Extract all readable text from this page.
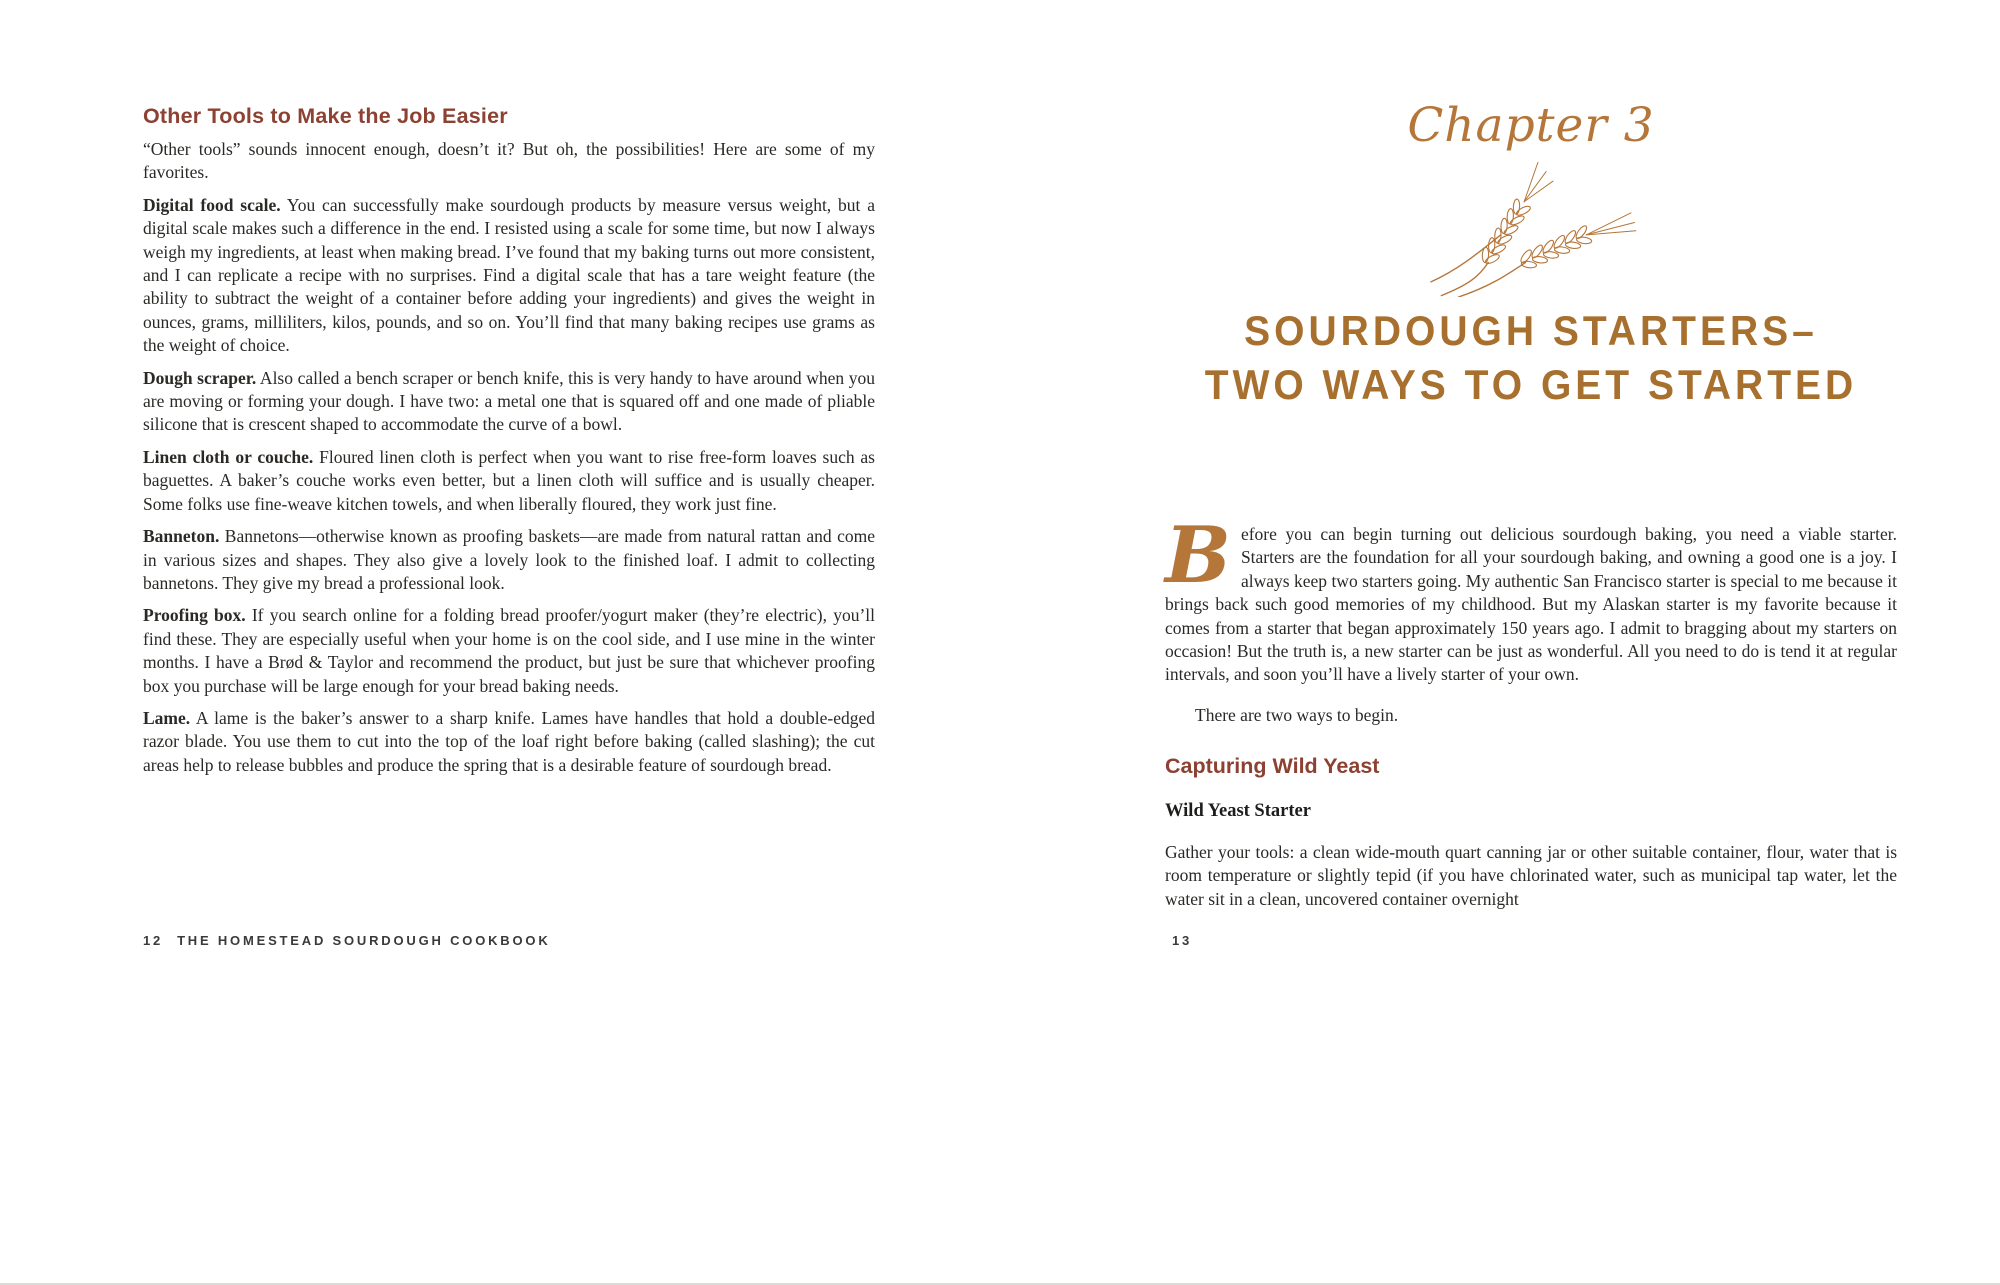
Other Tools to Make the Job Easier

“Other tools” sounds innocent enough, doesn’t it? But oh, the possibilities! Here are some of my favorites.

Digital food scale. You can successfully make sourdough products by measure versus weight, but a digital scale makes such a difference in the end. I resisted using a scale for some time, but now I always weigh my ingredients, at least when making bread. I’ve found that my baking turns out more consistent, and I can replicate a recipe with no surprises. Find a digital scale that has a tare weight feature (the ability to subtract the weight of a container before adding your ingredients) and gives the weight in ounces, grams, milliliters, kilos, pounds, and so on. You’ll find that many baking recipes use grams as the weight of choice.

Dough scraper. Also called a bench scraper or bench knife, this is very handy to have around when you are moving or forming your dough. I have two: a metal one that is squared off and one made of pliable silicone that is crescent shaped to accommodate the curve of a bowl.

Linen cloth or couche. Floured linen cloth is perfect when you want to rise free-form loaves such as baguettes. A baker’s couche works even better, but a linen cloth will suffice and is usually cheaper. Some folks use fine-weave kitchen towels, and when liberally floured, they work just fine.

Banneton. Bannetons—otherwise known as proofing baskets—are made from natural rattan and come in various sizes and shapes. They also give a lovely look to the finished loaf. I admit to collecting bannetons. They give my bread a professional look.

Proofing box. If you search online for a folding bread proofer/yogurt maker (they’re electric), you’ll find these. They are especially useful when your home is on the cool side, and I use mine in the winter months. I have a Brød & Taylor and recommend the product, but just be sure that whichever proofing box you purchase will be large enough for your bread baking needs.

Lame. A lame is the baker’s answer to a sharp knife. Lames have handles that hold a double-edged razor blade. You use them to cut into the top of the loaf right before baking (called slashing); the cut areas help to release bubbles and produce the spring that is a desirable feature of sourdough bread.

12 THE HOMESTEAD SOURDOUGH COOKBOOK
Chapter 3
SOURDOUGH STARTERS–
TWO WAYS TO GET STARTED

Before you can begin turning out delicious sourdough baking, you need a viable starter. Starters are the foundation for all your sourdough baking, and owning a good one is a joy. I always keep two starters going. My authentic San Francisco starter is special to me because it brings back such good memories of my childhood. But my Alaskan starter is my favorite because it comes from a starter that began approximately 150 years ago. I admit to bragging about my starters on occasion! But the truth is, a new starter can be just as wonderful. All you need to do is tend it at regular intervals, and soon you’ll have a lively starter of your own.

There are two ways to begin.

Capturing Wild Yeast
Wild Yeast Starter

Gather your tools: a clean wide-mouth quart canning jar or other suitable container, flour, water that is room temperature or slightly tepid (if you have chlorinated water, such as municipal tap water, let the water sit in a clean, uncovered container overnight

13
